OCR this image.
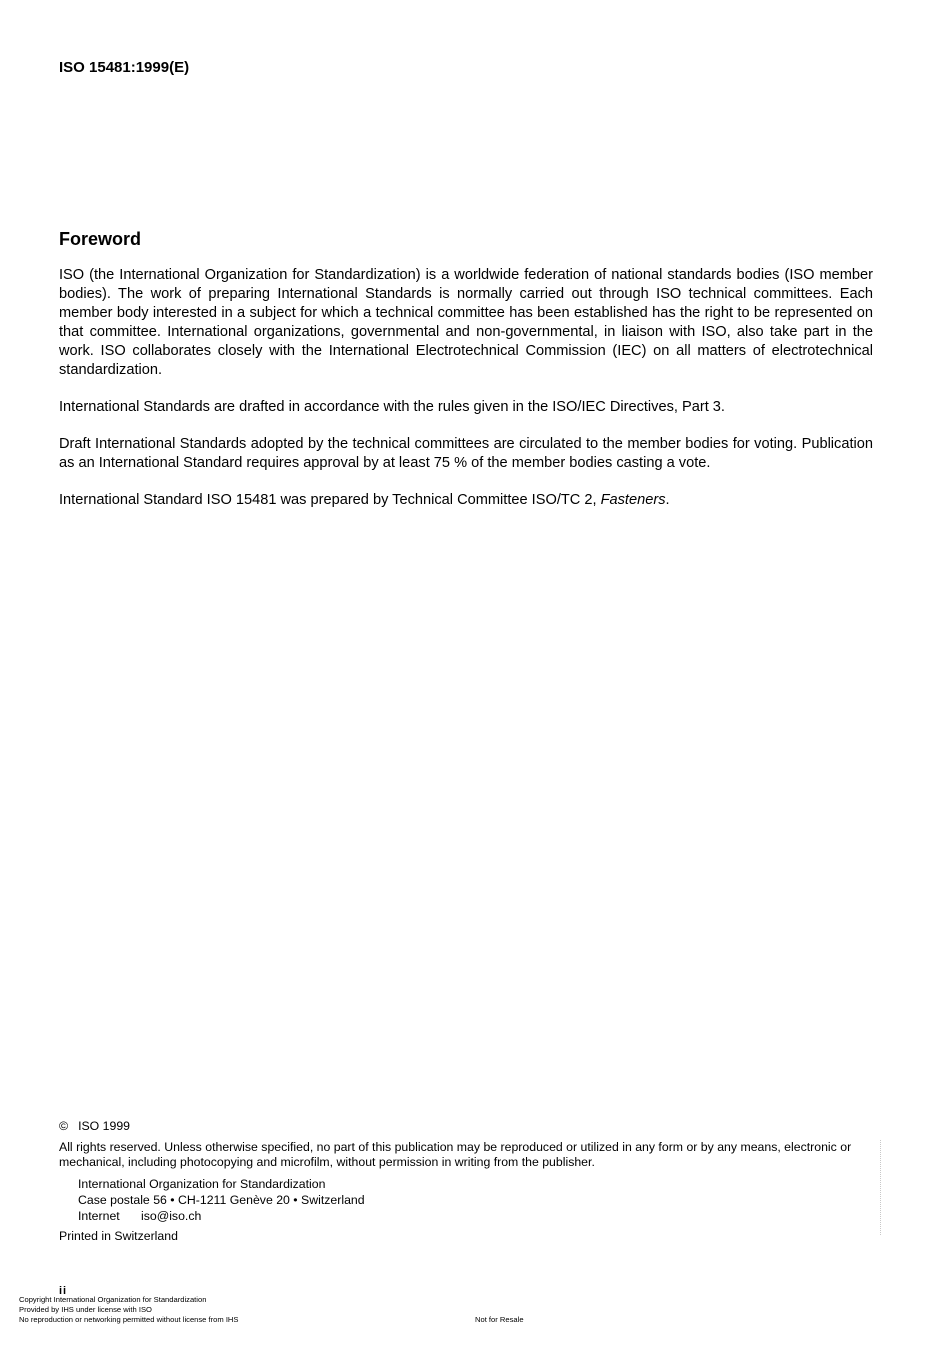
ISO 15481:1999(E)
Foreword

ISO (the International Organization for Standardization) is a worldwide federation of national standards bodies (ISO member bodies). The work of preparing International Standards is normally carried out through ISO technical committees. Each member body interested in a subject for which a technical committee has been established has the right to be represented on that committee. International organizations, governmental and non-governmental, in liaison with ISO, also take part in the work. ISO collaborates closely with the International Electrotechnical Commission (IEC) on all matters of electrotechnical standardization.

International Standards are drafted in accordance with the rules given in the ISO/IEC Directives, Part 3.

Draft International Standards adopted by the technical committees are circulated to the member bodies for voting. Publication as an International Standard requires approval by at least 75 % of the member bodies casting a vote.

International Standard ISO 15481 was prepared by Technical Committee ISO/TC 2, Fasteners.

© ISO 1999
All rights reserved. Unless otherwise specified, no part of this publication may be reproduced or utilized in any form or by any means, electronic or mechanical, including photocopying and microfilm, without permission in writing from the publisher.
International Organization for Standardization
Case postale 56 • CH-1211 Genève 20 • Switzerland
Internet iso@iso.ch
Printed in Switzerland
ii
Copyright International Organization for Standardization
Provided by IHS under license with ISO
No reproduction or networking permitted without license from IHS	Not for Resale
